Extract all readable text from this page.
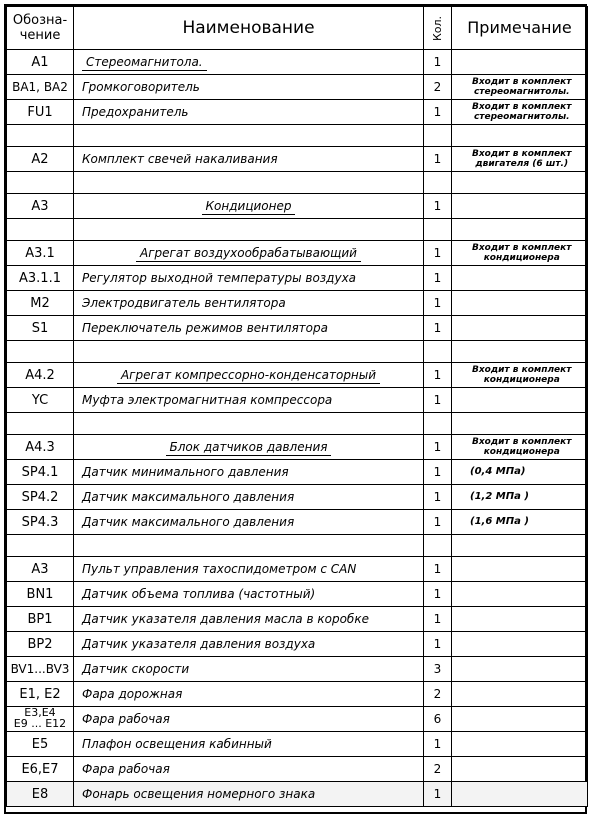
Обозна-
чение	Наименование	Кол.	Примечание
A1	Стереомагнитола.	1	
BA1, BA2	Громкоговоритель	2	Входит в комплект
стереомагнитолы.
FU1	Предохранитель	1	Входит в комплект
стереомагнитолы.

A2	Комплект свечей накаливания	1	Входит в комплект
двигателя (6 шт.)

A3	Кондиционер	1	

A3.1	Агрегат воздухообрабатывающий	1	Входит в комплект
кондиционера
A3.1.1	Регулятор выходной температуры воздуха	1	
M2	Электродвигатель вентилятора	1	
S1	Переключатель режимов вентилятора	1	

A4.2	Агрегат компрессорно-конденсаторный	1	Входит в комплект
кондиционера
YC	Муфта электромагнитная компрессора	1	

A4.3	Блок датчиков давления	1	Входит в комплект
кондиционера
SP4.1	Датчик минимального давления	1	(0,4 МПа)
SP4.2	Датчик максимального давления	1	(1,2 МПа )
SP4.3	Датчик максимального давления	1	(1,6 МПа )

A3	Пульт управления тахоспидометром с CAN	1	
BN1	Датчик объема топлива (частотный)	1	
BP1	Датчик указателя давления масла в коробке	1	
BP2	Датчик указателя давления воздуха	1	
BV1...BV3	Датчик скорости	3	
E1, E2	Фара дорожная	2	
E3,E4
E9 ... E12	Фара рабочая	6	
E5	Плафон освещения кабинный	1	
E6,E7	Фара рабочая	2	
E8	Фонарь освещения номерного знака	1	
